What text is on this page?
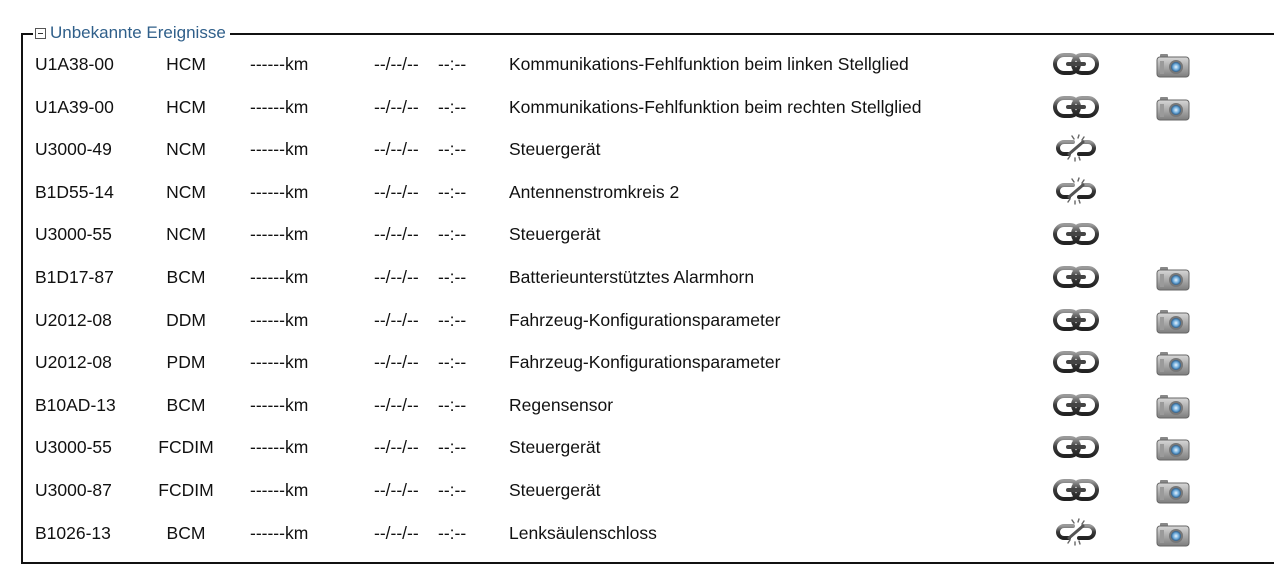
Unbekannte Ereignisse
U1A38-00	HCM	------km	--/--/-- --:-- Kommunikations-Fehlfunktion beim linken Stellglied
U1A39-00	HCM	------km	--/--/-- --:-- Kommunikations-Fehlfunktion beim rechten Stellglied
U3000-49	NCM	------km	--/--/-- --:-- Steuergerät
B1D55-14	NCM	------km	--/--/-- --:-- Antennenstromkreis 2
U3000-55	NCM	------km	--/--/-- --:-- Steuergerät
B1D17-87	BCM	------km	--/--/-- --:-- Batterieunterstütztes Alarmhorn
U2012-08	DDM	------km	--/--/-- --:-- Fahrzeug-Konfigurationsparameter
U2012-08	PDM	------km	--/--/-- --:-- Fahrzeug-Konfigurationsparameter
B10AD-13	BCM	------km	--/--/-- --:-- Regensensor
U3000-55	FCDIM ------km	--/--/-- --:-- Steuergerät
U3000-87	FCDIM ------km	--/--/-- --:-- Steuergerät
B1026-13	BCM	------km	--/--/-- --:-- Lenksäulenschloss
